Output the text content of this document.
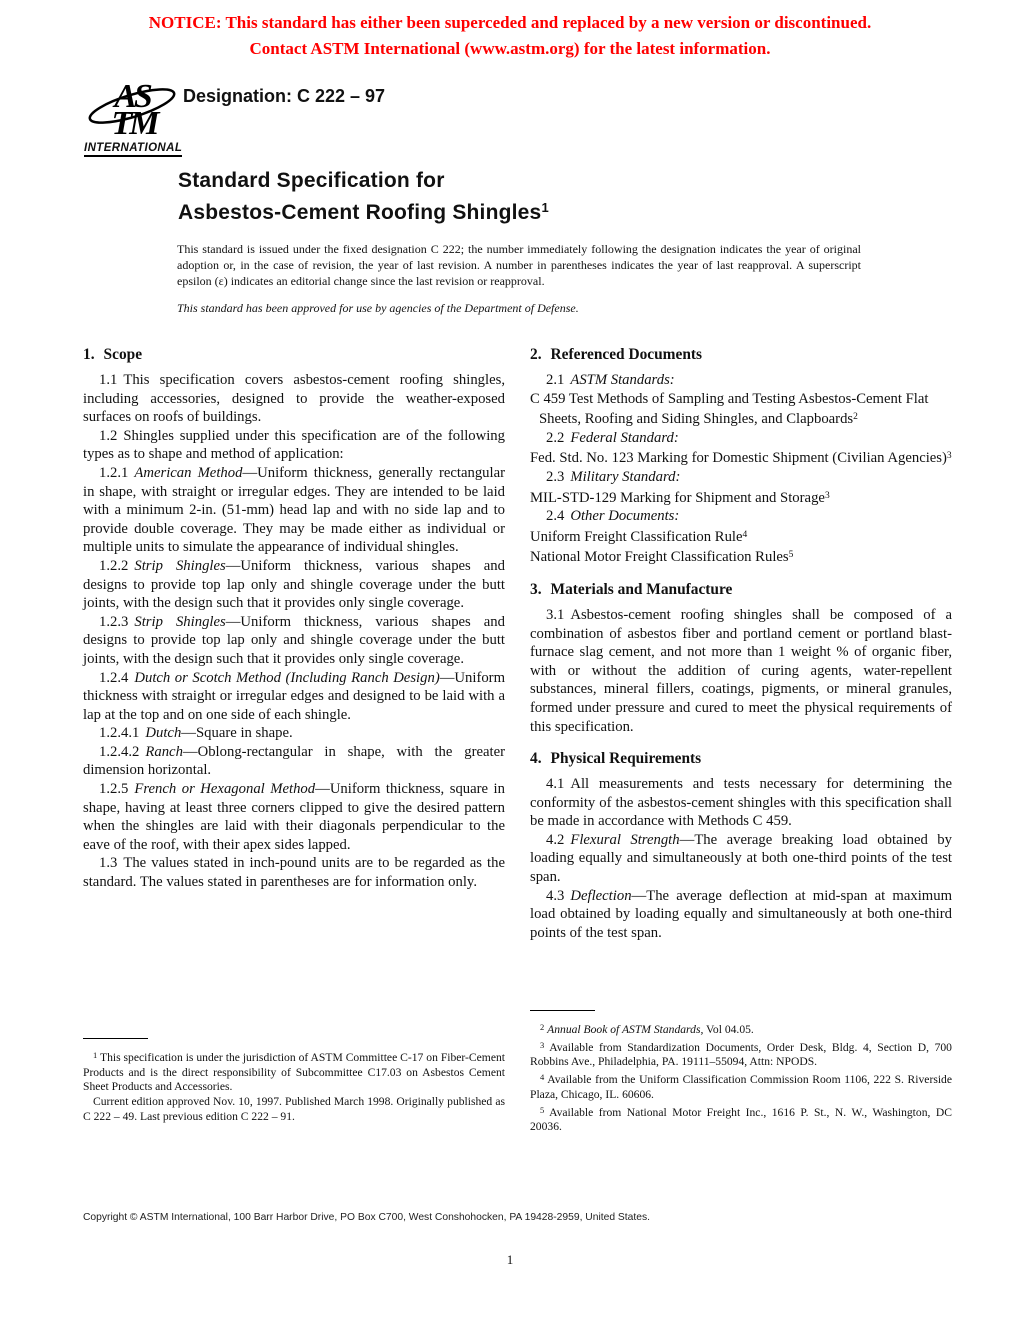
NOTICE: This standard has either been superceded and replaced by a new version or discontinued.
Contact ASTM International (www.astm.org) for the latest information.
AS
TM
INTERNATIONAL
Designation: C 222 – 97
Standard Specification for
Asbestos-Cement Roofing Shingles$^1$

This standard is issued under the fixed designation C 222; the number immediately following the designation indicates the year of original adoption or, in the case of revision, the year of last revision. A number in parentheses indicates the year of last reapproval. A superscript epsilon (ε) indicates an editorial change since the last revision or reapproval.

This standard has been approved for use by agencies of the Department of Defense.

1. Scope

1.1 This specification covers asbestos-cement roofing shingles, including accessories, designed to provide the weather-exposed surfaces on roofs of buildings.

1.2 Shingles supplied under this specification are of the following types as to shape and method of application:

1.2.1 American Method—Uniform thickness, generally rectangular in shape, with straight or irregular edges. They are intended to be laid with a minimum 2-in. (51-mm) head lap and with no side lap and to provide double coverage. They may be made either as individual or multiple units to simulate the appearance of individual shingles.

1.2.2 Strip Shingles—Uniform thickness, various shapes and designs to provide top lap only and shingle coverage under the butt joints, with the design such that it provides only single coverage.

1.2.3 Strip Shingles—Uniform thickness, various shapes and designs to provide top lap only and shingle coverage under the butt joints, with the design such that it provides only single coverage.

1.2.4 Dutch or Scotch Method (Including Ranch Design)—Uniform thickness with straight or irregular edges and designed to be laid with a lap at the top and on one side of each shingle.

1.2.4.1 Dutch—Square in shape.

1.2.4.2 Ranch—Oblong-rectangular in shape, with the greater dimension horizontal.

1.2.5 French or Hexagonal Method—Uniform thickness, square in shape, having at least three corners clipped to give the desired pattern when the shingles are laid with their diagonals perpendicular to the eave of the roof, with their apex sides lapped.

1.3 The values stated in inch-pound units are to be regarded as the standard. The values stated in parentheses are for information only.

2. Referenced Documents

2.1 ASTM Standards:

C 459 Test Methods of Sampling and Testing Asbestos-Cement Flat Sheets, Roofing and Siding Shingles, and Clapboards$^2$

2.2 Federal Standard:

Fed. Std. No. 123 Marking for Domestic Shipment (Civilian Agencies)$^3$

2.3 Military Standard:

MIL-STD-129 Marking for Shipment and Storage$^3$

2.4 Other Documents:

Uniform Freight Classification Rule$^4$

National Motor Freight Classification Rules$^5$

3. Materials and Manufacture

3.1 Asbestos-cement roofing shingles shall be composed of a combination of asbestos fiber and portland cement or portland blast-furnace slag cement, and not more than 1 weight % of organic fiber, with or without the addition of curing agents, water-repellent substances, mineral fillers, coatings, pigments, or mineral granules, formed under pressure and cured to meet the physical requirements of this specification.

4. Physical Requirements

4.1 All measurements and tests necessary for determining the conformity of the asbestos-cement shingles with this specification shall be made in accordance with Methods C 459.

4.2 Flexural Strength—The average breaking load obtained by loading equally and simultaneously at both one-third points of the test span.

4.3 Deflection—The average deflection at mid-span at maximum load obtained by loading equally and simultaneously at both one-third points of the test span.

$^1$ This specification is under the jurisdiction of ASTM Committee C-17 on Fiber-Cement Products and is the direct responsibility of Subcommittee C17.03 on Asbestos Cement Sheet Products and Accessories.

Current edition approved Nov. 10, 1997. Published March 1998. Originally published as C 222 – 49. Last previous edition C 222 – 91.

$^2$ Annual Book of ASTM Standards, Vol 04.05.

$^3$ Available from Standardization Documents, Order Desk, Bldg. 4, Section D, 700 Robbins Ave., Philadelphia, PA. 19111–55094, Attn: NPODS.

$^4$ Available from the Uniform Classification Commission Room 1106, 222 S. Riverside Plaza, Chicago, IL. 60606.

$^5$ Available from National Motor Freight Inc., 1616 P. St., N. W., Washington, DC 20036.

Copyright © ASTM International, 100 Barr Harbor Drive, PO Box C700, West Conshohocken, PA 19428-2959, United States.

1
